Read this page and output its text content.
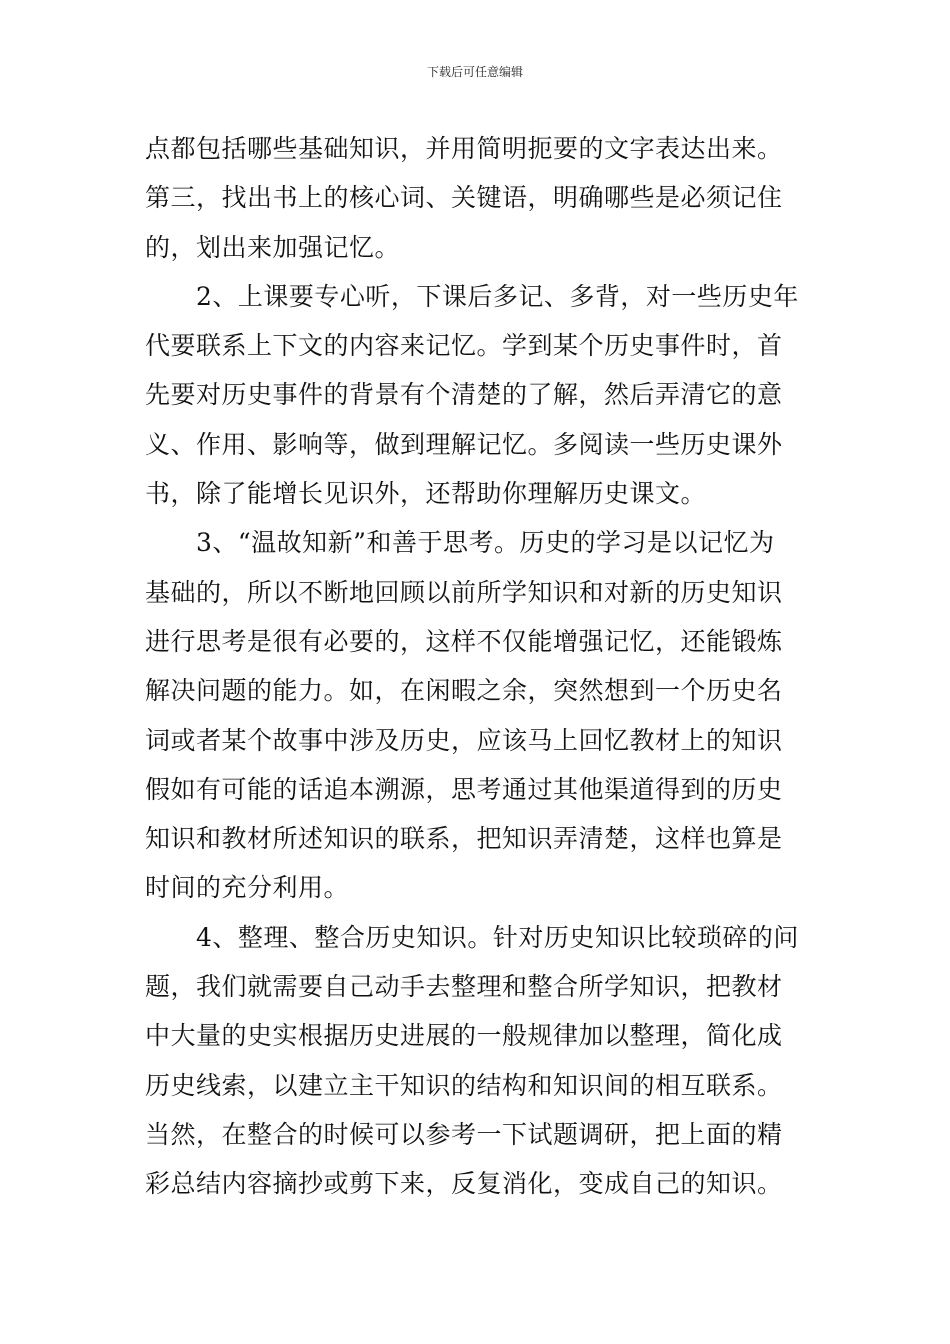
下载后可任意编辑
点都包括哪些基础知识，并用简明扼要的文字表达出来。
第三，找出书上的核心词、关键语，明确哪些是必须记住
的，划出来加强记忆。
　　2、上课要专心听，下课后多记、多背，对一些历史年
代要联系上下文的内容来记忆。学到某个历史事件时，首
先要对历史事件的背景有个清楚的了解，然后弄清它的意
义、作用、影响等，做到理解记忆。多阅读一些历史课外
书，除了能增长见识外，还帮助你理解历史课文。
　　3、“温故知新”和善于思考。历史的学习是以记忆为
基础的，所以不断地回顾以前所学知识和对新的历史知识
进行思考是很有必要的，这样不仅能增强记忆，还能锻炼
解决问题的能力。如，在闲暇之余，突然想到一个历史名
词或者某个故事中涉及历史，应该马上回忆教材上的知识
假如有可能的话追本溯源，思考通过其他渠道得到的历史
知识和教材所述知识的联系，把知识弄清楚，这样也算是
时间的充分利用。
　　4、整理、整合历史知识。针对历史知识比较琐碎的问
题，我们就需要自己动手去整理和整合所学知识，把教材
中大量的史实根据历史进展的一般规律加以整理，简化成
历史线索，以建立主干知识的结构和知识间的相互联系。
当然，在整合的时候可以参考一下试题调研，把上面的精
彩总结内容摘抄或剪下来，反复消化，变成自己的知识。
